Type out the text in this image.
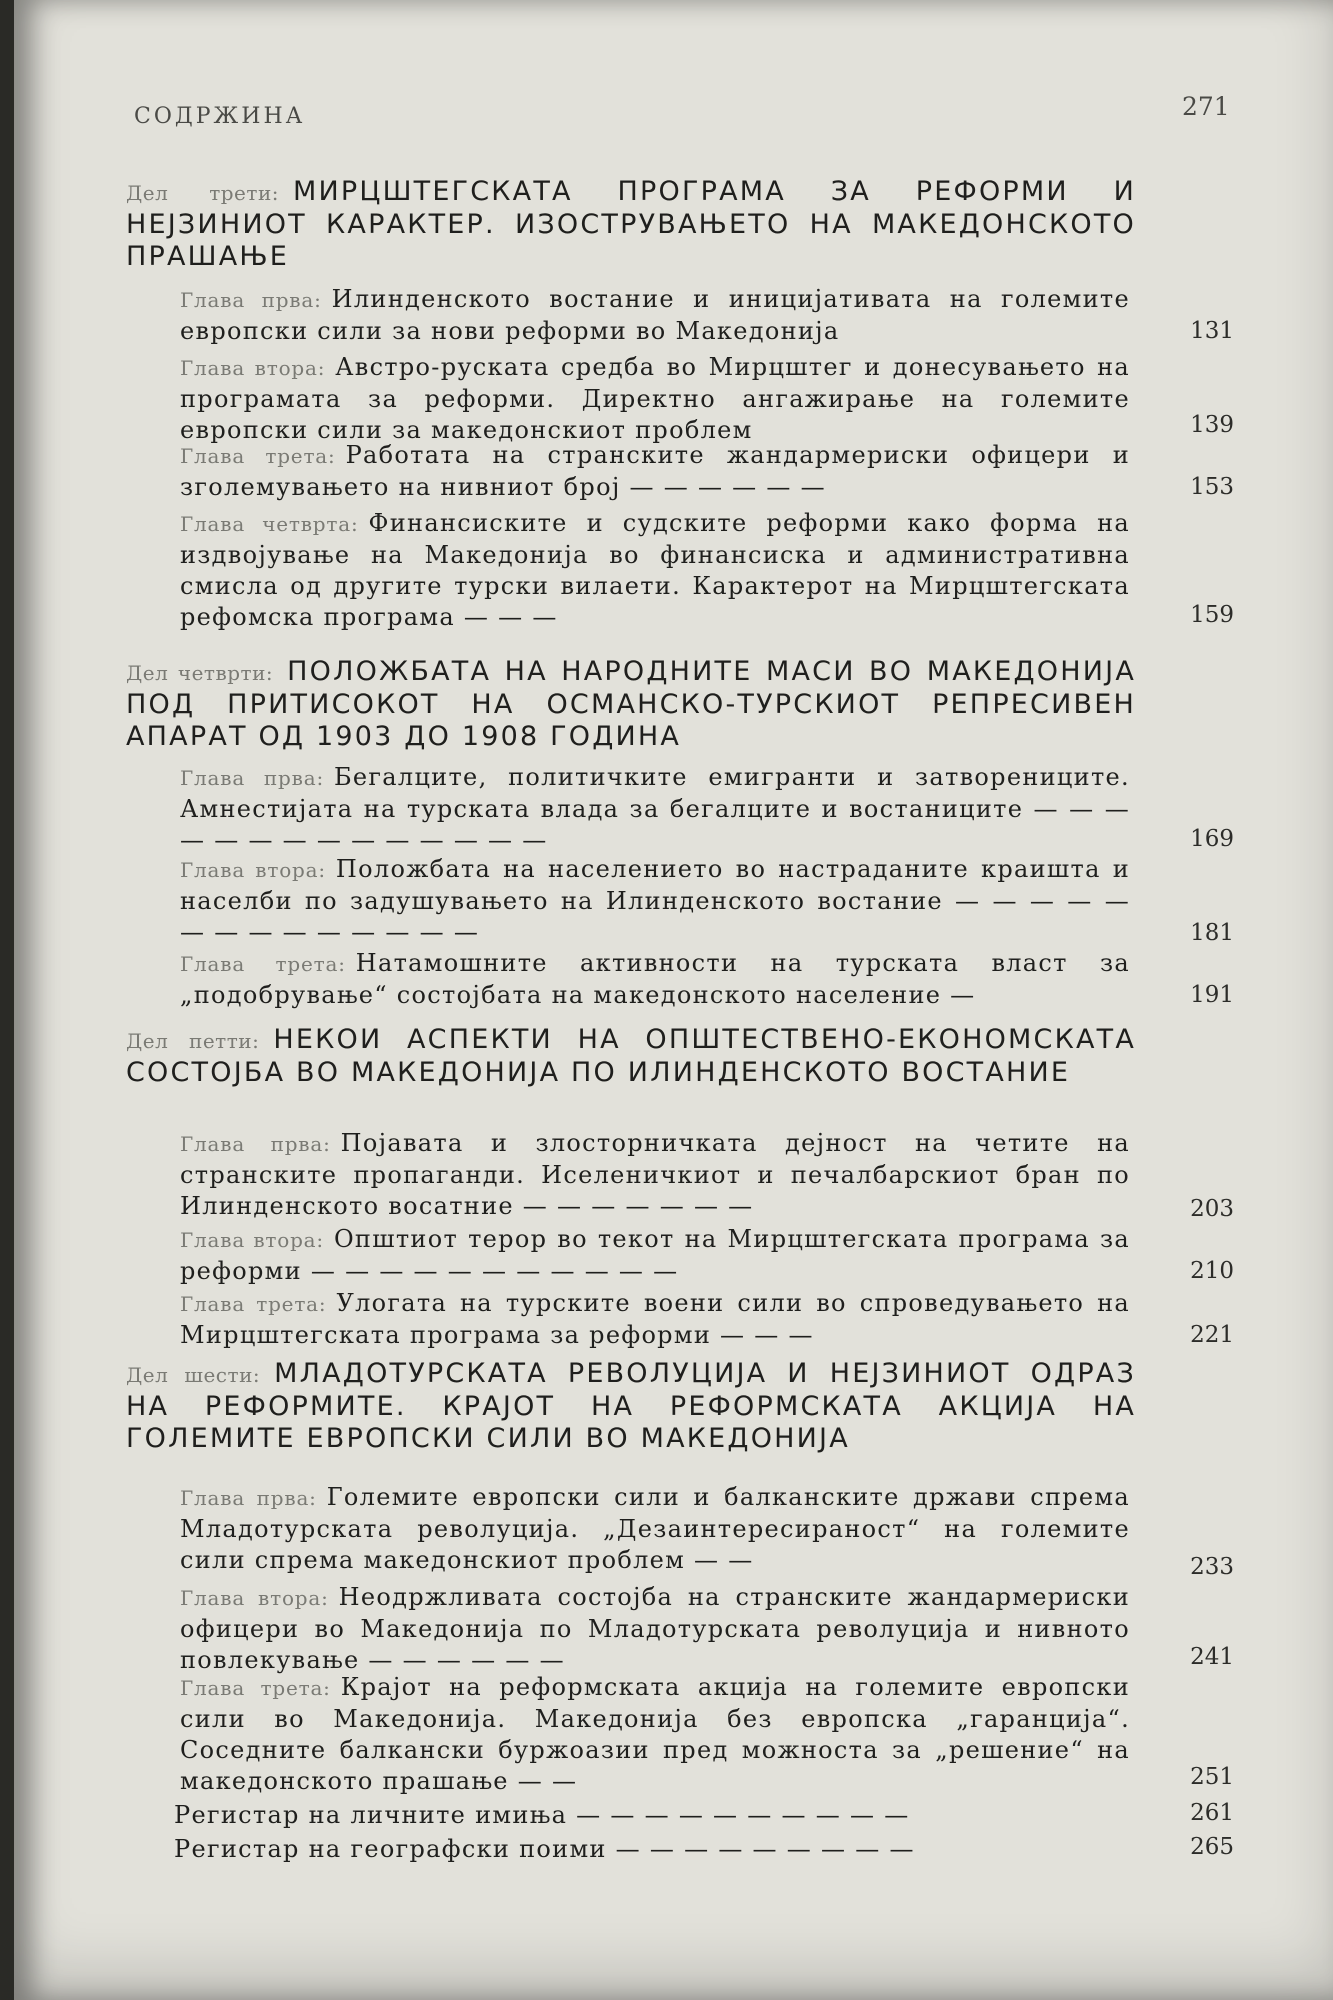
СОДРЖИНА	271
Дел трети: МИРЦШТЕГСКАТА ПРОГРАМА ЗА РЕФОРМИ И НЕЈЗИНИОТ КАРАКТЕР. ИЗОСТРУВАЊЕТО НА МАКЕДОНСКОТО ПРАШАЊЕ
Глава прва: Илинденското востание и иницијативата на големите европски сили за нови реформи во Македонија	131
Глава втора: Австро-руската средба во Мирцштег и донесувањето на програмата за реформи. Директно ангажирање на големите европски сили за македонскиот проблем	139
Глава трета: Работата на странските жандармериски офицери и зголемувањето на нивниот број — — — — — —	153
Глава четврта: Финансиските и судските реформи како форма на издвојување на Македонија во финансиска и административна смисла од другите турски вилаети. Карактерот на Мирцштегската рефомска програма — — —	159
Дел четврти: ПОЛОЖБАТА НА НАРОДНИТЕ МАСИ ВО МАКЕДОНИЈА ПОД ПРИТИСОКОТ НА ОСМАНСКО-ТУРСКИОТ РЕПРЕСИВЕН АПАРАТ ОД 1903 ДО 1908 ГОДИНА
Глава прва: Бегалците, политичките емигранти и затворениците. Амнестијата на турската влада за бегалците и востаниците — — — — — — — — — — — — — —	169
Глава втора: Положбата на населението во настраданите краишта и населби по задушувањето на Илинденското востание — — — — — — — — — — — — — —	181
Глава трета: Натамошните активности на турската власт за „подобрување“ состојбата на македонското население —	191
Дел петти: НЕКОИ АСПЕКТИ НА ОПШТЕСТВЕНО-ЕКОНОМСКАТА СОСТОЈБА ВО МАКЕДОНИЈА ПО ИЛИНДЕНСКОТО ВОСТАНИЕ
Глава прва: Појавата и злосторничката дејност на четите на странските пропаганди. Иселеничкиот и печалбарскиот бран по Илинденското восатние — — — — — — —	203
Глава втора: Општиот терор во текот на Мирцштегската програма за реформи — — — — — — — — — — —	210
Глава трета: Улогата на турските воени сили во спроведувањето на Мирцштегската програма за реформи — — —	221
Дел шести: МЛАДОТУРСКАТА РЕВОЛУЦИЈА И НЕЈЗИНИОТ ОДРАЗ НА РЕФОРМИТЕ. КРАЈОТ НА РЕФОРМСКАТА АКЦИЈА НА ГОЛЕМИТЕ ЕВРОПСКИ СИЛИ ВО МАКЕДОНИЈА
Глава прва: Големите европски сили и балканските држави спрема Младотурската револуција. „Дезаинтересираност“ на големите сили спрема македонскиот проблем — —	233
Глава втора: Неодржливата состојба на странските жандармериски офицери во Македонија по Младотурската револуција и нивното повлекување — — — — — —	241
Глава трета: Крајот на реформската акција на големите европски сили во Македонија. Македонија без европска „гаранција“. Соседните балкански буржоазии пред можноста за „решение“ на македонското прашање — —	251
Регистар на личните имиња — — — — — — — — — —	261
Регистар на географски поими — — — — — — — — —	265
